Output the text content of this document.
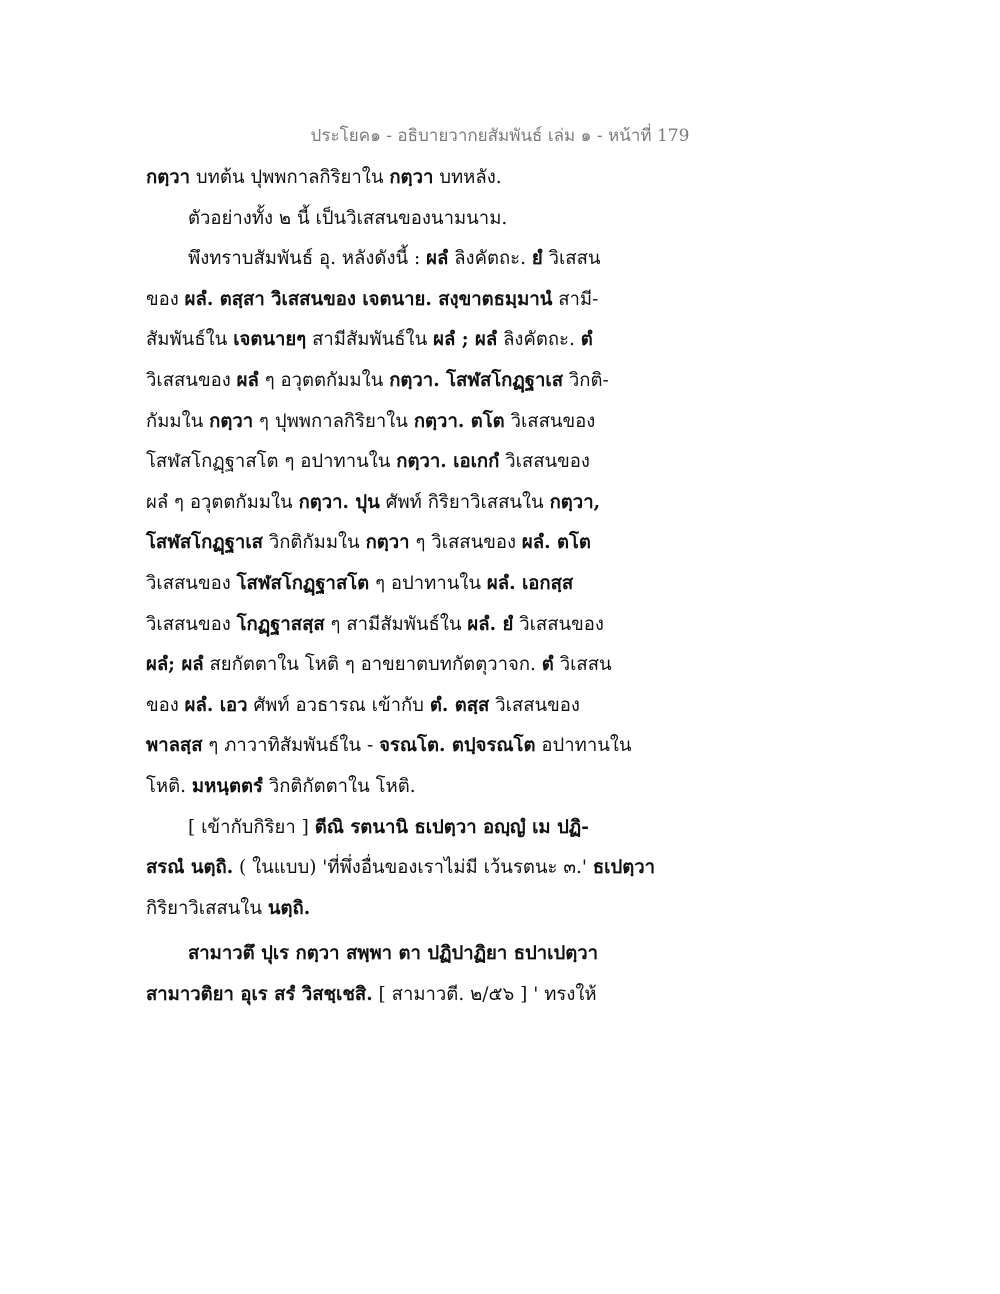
ประโยค๑ - อธิบายวากยสัมพันธ์ เล่ม ๑ - หน้าที่ 179
กตฺวา บทต้น ปุพพกาลกิริยาใน กตฺวา บทหลัง.
ตัวอย่างทั้ง ๒ นี้ เป็นวิเสสนของนามนาม.
พึงทราบสัมพันธ์ อุ. หลังดังนี้ : ผลํ ลิงคัตถะ. ยํ วิเสสน
ของ ผลํ. ตสฺสา วิเสสนของ เจตนาย. สงฺขาตธมฺมานํ สามี-
สัมพันธ์ใน เจตนายๆ สามีสัมพันธ์ใน ผลํ ; ผลํ ลิงคัตถะ. ตํ
วิเสสนของ ผลํ ๆ อวุตตกัมมใน กตฺวา. โสฬสโกฏฺฐาเส วิกติ-
กัมมใน กตฺวา ๆ ปุพพกาลกิริยาใน กตฺวา. ตโต วิเสสนของ
โสฬสโกฏฺฐาสโต ๆ อปาทานใน กตฺวา. เอเกกํ วิเสสนของ
ผลํ ๆ อวุตตกัมมใน กตฺวา. ปุน ศัพท์ กิริยาวิเสสนใน กตฺวา,
โสฬสโกฏฺฐาเส วิกติกัมมใน กตฺวา ๆ วิเสสนของ ผลํ. ตโต
วิเสสนของ โสฬสโกฏฺฐาสโต ๆ อปาทานใน ผลํ. เอกสฺส
วิเสสนของ โกฏฺฐาสสฺส ๆ สามีสัมพันธ์ใน ผลํ. ยํ วิเสสนของ
ผลํ; ผลํ สยกัตตาใน โหติ ๆ อาขยาตบทกัตตุวาจก. ตํ วิเสสน
ของ ผลํ. เอว ศัพท์ อวธารณ เข้ากับ ตํ. ตสฺส วิเสสนของ
พาลสฺส ๆ ภาวาทิสัมพันธ์ใน - จรณโต. ตปฺจรณโต อปาทานใน
โหติ. มหนฺตตรํ วิกติกัตตาใน โหติ.
[ เข้ากับกิริยา ] ตีณิ รตนานิ ธเปตฺวา อญฺญํ เม ปฏิ-
สรณํ นตฺถิ. ( ในแบบ) 'ที่พึ่งอื่นของเราไม่มี เว้นรตนะ ๓.' ธเปตฺวา
กิริยาวิเสสนใน นตฺถิ.
สามาวตึ ปุเร กตฺวา สพฺพา ตา ปฏิปาฏิยา ธปาเปตฺวา
สามาวติยา อุเร สรํ วิสชฺเชสิ. [ สามาวตี. ๒/๕๖ ] ' ทรงให้
